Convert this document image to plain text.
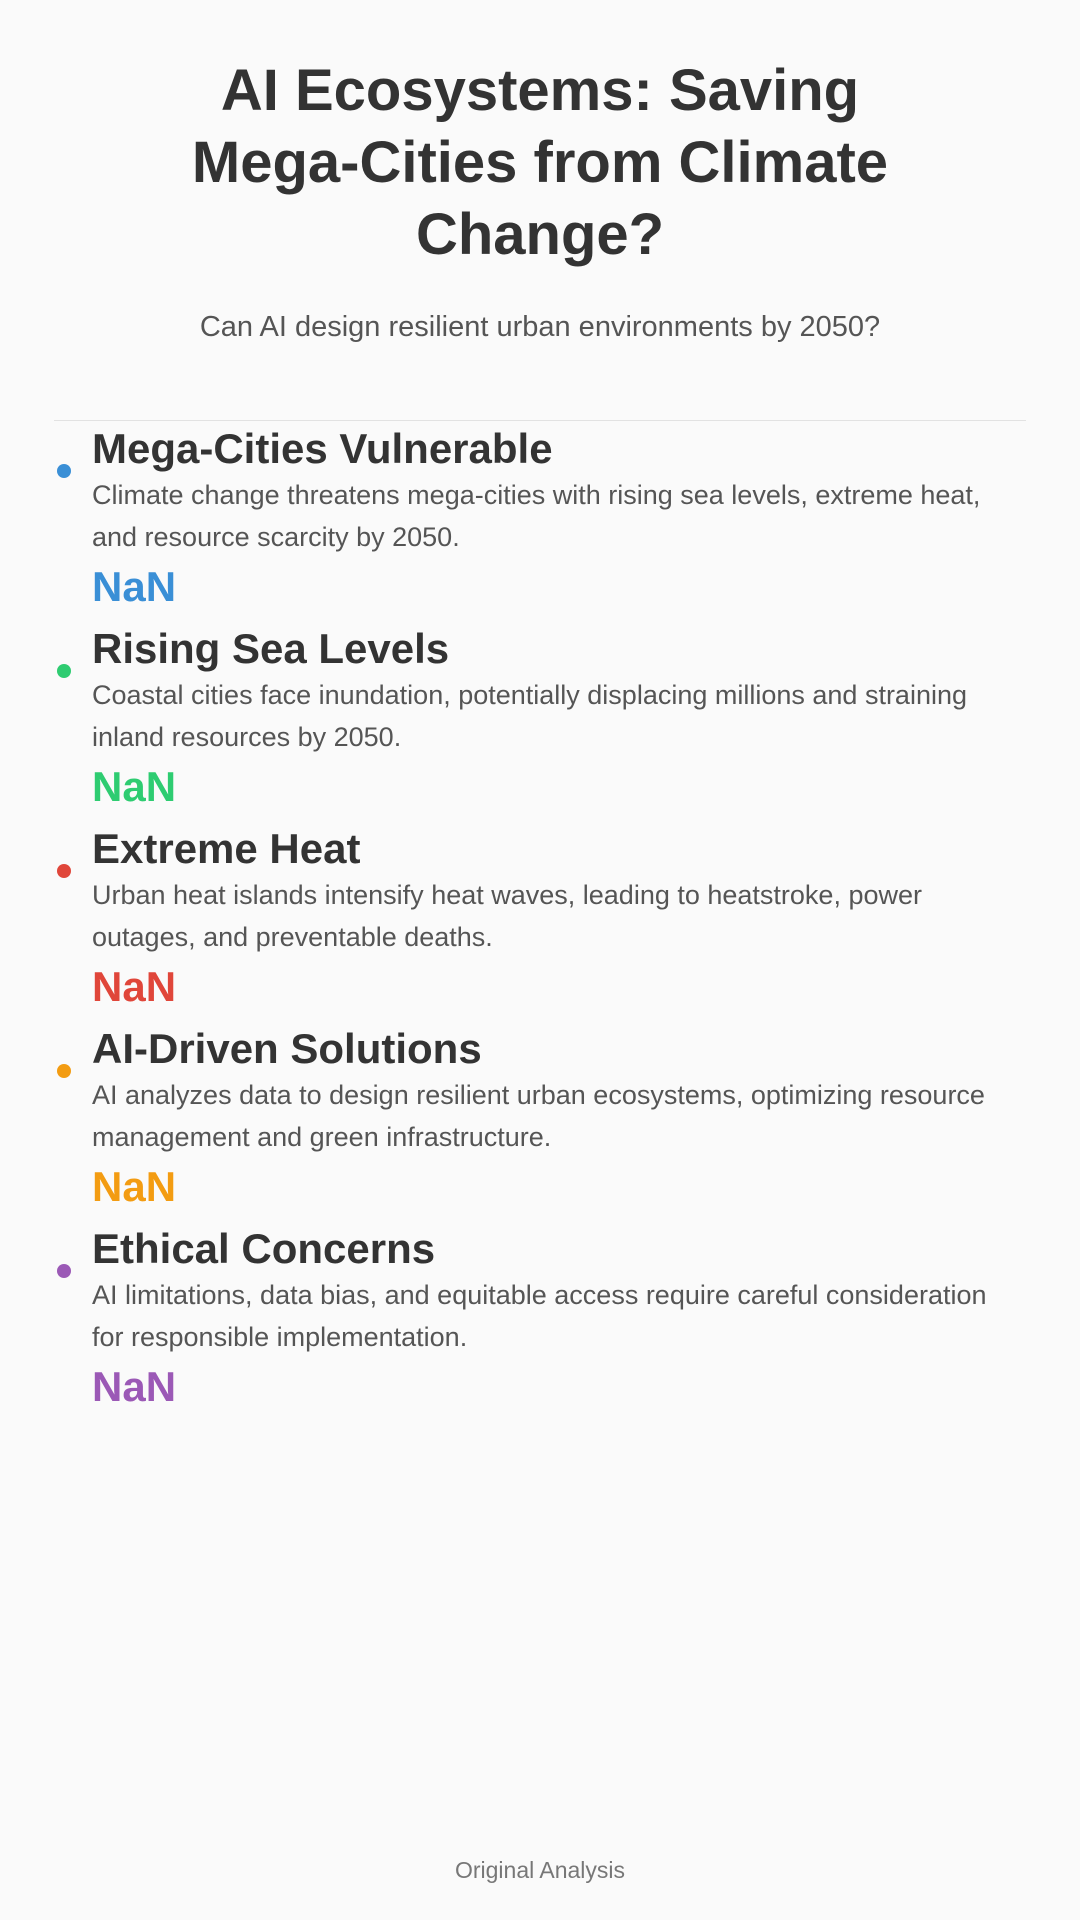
AI Ecosystems: Saving Mega-Cities from Climate Change?
Can AI design resilient urban environments by 2050?
Mega-Cities Vulnerable
Climate change threatens mega-cities with rising sea levels, extreme heat, and resource scarcity by 2050.
NaN
Rising Sea Levels
Coastal cities face inundation, potentially displacing millions and straining inland resources by 2050.
NaN
Extreme Heat
Urban heat islands intensify heat waves, leading to heatstroke, power outages, and preventable deaths.
NaN
AI-Driven Solutions
AI analyzes data to design resilient urban ecosystems, optimizing resource management and green infrastructure.
NaN
Ethical Concerns
AI limitations, data bias, and equitable access require careful consideration for responsible implementation.
NaN
Original Analysis
